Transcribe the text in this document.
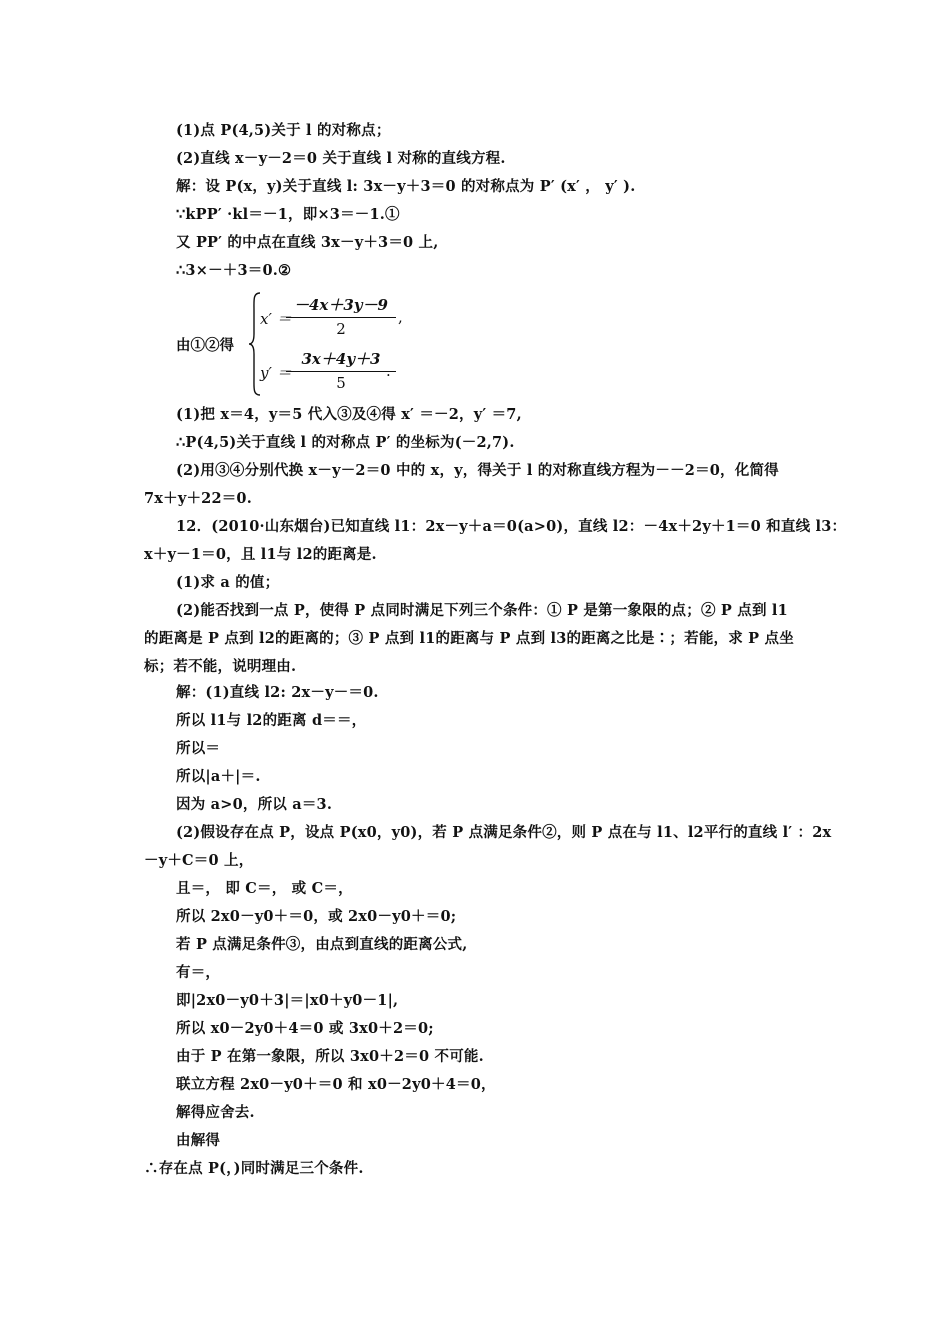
(1)点 P(4,5)关于 l 的对称点；
(2)直线 x－y－2＝0 关于直线 l 对称的直线方程.
解：设 P(x，y)关于直线 l: 3x－y＋3＝0 的对称点为 P′ (x′ ， y′ ).
∵kPP′ ·kl＝－1，即×3＝－1.①
又 PP′ 的中点在直线 3x－y＋3＝0 上,
∴3×－＋3＝0.②
由①②得
x′ ＝
$\frac{-4x+3y-9}{2}$ ,
y′ ＝
$\frac{3x+4y+3}{5}$
.
(1)把 x＝4，y＝5 代入③及④得 x′ ＝－2，y′ ＝7,
∴P(4,5)关于直线 l 的对称点 P′ 的坐标为(－2,7).
(2)用③④分别代换 x－y－2＝0 中的 x，y，得关于 l 的对称直线方程为－－2＝0，化简得
7x＋y＋22＝0.
12．(2010·山东烟台)已知直线 l1：2x－y＋a＝0(a>0)，直线 l2：－4x＋2y＋1＝0 和直线 l3：
x＋y－1＝0，且 l1与 l2的距离是.
(1)求 a 的值；
(2)能否找到一点 P，使得 P 点同时满足下列三个条件：① P 是第一象限的点；② P 点到 l1
的距离是 P 点到 l2的距离的；③ P 点到 l1的距离与 P 点到 l3的距离之比是∶；若能，求 P 点坐
标；若不能，说明理由.
解：(1)直线 l2: 2x－y－＝0.
所以 l1与 l2的距离 d＝＝，
所以＝
所以|a＋|＝.
因为 a>0，所以 a＝3.
(2)假设存在点 P，设点 P(x0，y0)，若 P 点满足条件②，则 P 点在与 l1、l2平行的直线 l′ ：2x
－y＋C＝0 上，
且＝， 即 C＝， 或 C＝，
所以 2x0－y0＋＝0，或 2x0－y0＋＝0;
若 P 点满足条件③，由点到直线的距离公式,
有＝，
即|2x0－y0＋3|＝|x0＋y0－1|,
所以 x0－2y0＋4＝0 或 3x0＋2＝0;
由于 P 在第一象限，所以 3x0＋2＝0 不可能.
联立方程 2x0－y0＋＝0 和 x0－2y0＋4＝0，
解得应舍去.
由解得
∴存在点 P(，)同时满足三个条件.
